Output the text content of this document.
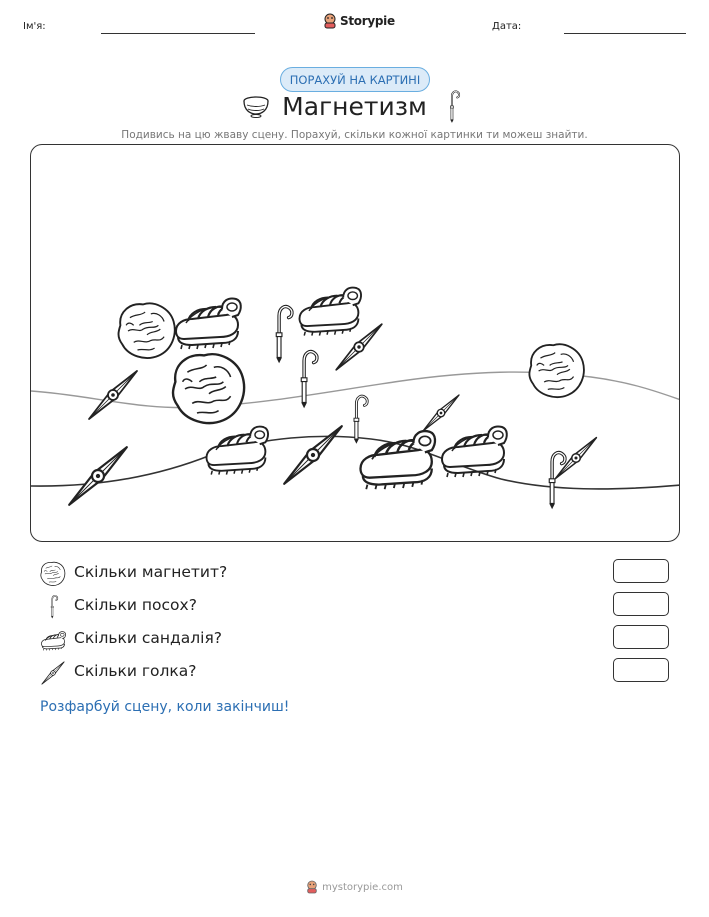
Ім'я:	Storypie	Дата:
ПОРАХУЙ НА КАРТИНІ
Магнетизм
Подивись на цю жваву сцену. Порахуй, скільки кожної картинки ти можеш знайти.
Скільки магнетит?
Скільки посох?
Скільки сандалія?
Скільки голка?
Розфарбуй сцену, коли закінчиш!
mystorypie.com
